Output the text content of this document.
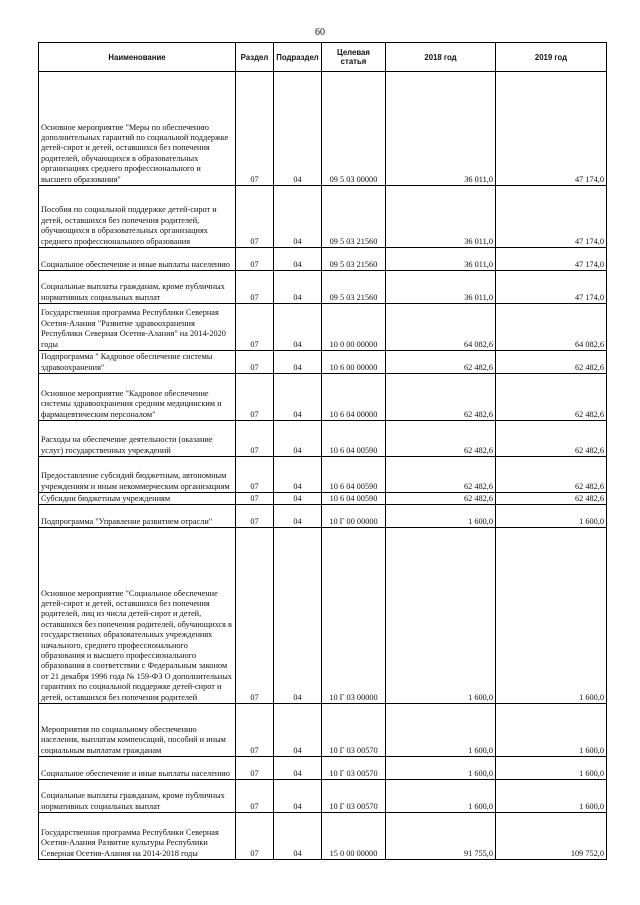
60
Наименование	Раздел	Подраздел	Целевая статья	2018 год	2019 год
Основное мероприятие "Меры по обеспечению дополнительных гарантий по социальной поддержке детей-сирот и детей, оставшихся без попечения родителей, обучающихся в образовательных организациях среднего профессионального и высшего образования"	07	04	09 5 03 00000	36 011,0	47 174,0
Пособия по социальной поддержке детей-сирот и детей, оставшихся без попечения родителей, обучающихся в образовательных организациях среднего профессионального образования	07	04	09 5 03 21560	36 011,0	47 174,0
Социальное обеспечение и иные выплаты населению	07	04	09 5 03 21560	36 011,0	47 174,0
Социальные выплаты гражданам, кроме публичных нормативных социальных выплат	07	04	09 5 03 21560	36 011,0	47 174,0
Государственная программа Республики Северная Осетия-Алания "Развитие здравоохранения Республики Северная Осетия-Алания" на 2014-2020 годы	07	04	10 0 00 00000	64 082,6	64 082,6
Подпрограмма " Кадровое обеспечение системы здравоохранения"	07	04	10 6 00 00000	62 482,6	62 482,6
Основное мероприятие "Кадровое обеспечение системы здравоохранения средним медицинским и фармацевтическим персоналом"	07	04	10 6 04 00000	62 482,6	62 482,6
Расходы на обеспечение деятельности (оказание услуг) государственных учреждений	07	04	10 6 04 00590	62 482,6	62 482,6
Предоставление субсидий бюджетным, автономным учреждениям и иным некоммерческим организациям	07	04	10 6 04 00590	62 482,6	62 482,6
Субсидии бюджетным учреждениям	07	04	10 6 04 00590	62 482,6	62 482,6
Подпрограмма "Управление развитием отрасли"	07	04	10 Г 00 00000	1 600,0	1 600,0
Основное мероприятие "Социальное обеспечение детей-сирот и детей, оставшихся без попечения родителей, лиц из числа детей-сирот и детей, оставшихся без попечения родителей, обучающихся в государственных образовательных учреждениях начального, среднего профессионального образования и высшего профессионального образования в соответствии с Федеральным законом от 21 декабря 1996 года № 159-ФЗ О дополнительных гарантиях по социальной поддержке детей-сирот и детей, оставшихся без попечения родителей	07	04	10 Г 03 00000	1 600,0	1 600,0
Мероприятия по социальному обеспечению населения, выплатам компенсаций, пособий и иным социальным выплатам гражданам	07	04	10 Г 03 00570	1 600,0	1 600,0
Социальное обеспечение и иные выплаты населению	07	04	10 Г 03 00570	1 600,0	1 600,0
Социальные выплаты гражданам, кроме публичных нормативных социальных выплат	07	04	10 Г 03 00570	1 600,0	1 600,0
Государственная программа Республики Северная Осетия-Алания Развитие культуры Республики Северная Осетия-Алания на 2014-2018 годы	07	04	15 0 00 00000	91 755,0	109 752,0
